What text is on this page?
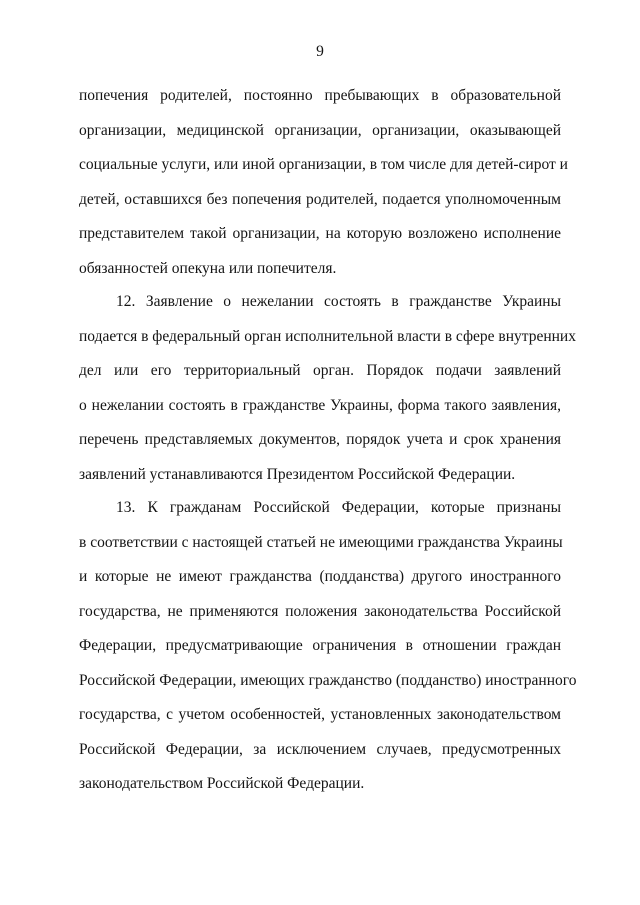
9
попечения родителей, постоянно пребывающих в образовательной
организации, медицинской организации, организации, оказывающей
социальные услуги, или иной организации, в том числе для детей-сирот и
детей, оставшихся без попечения родителей, подается уполномоченным
представителем такой организации, на которую возложено исполнение
обязанностей опекуна или попечителя.
12. Заявление о нежелании состоять в гражданстве Украины
подается в федеральный орган исполнительной власти в сфере внутренних
дел или его территориальный орган. Порядок подачи заявлений
о нежелании состоять в гражданстве Украины, форма такого заявления,
перечень представляемых документов, порядок учета и срок хранения
заявлений устанавливаются Президентом Российской Федерации.
13. К гражданам Российской Федерации, которые признаны
в соответствии с настоящей статьей не имеющими гражданства Украины
и которые не имеют гражданства (подданства) другого иностранного
государства, не применяются положения законодательства Российской
Федерации, предусматривающие ограничения в отношении граждан
Российской Федерации, имеющих гражданство (подданство) иностранного
государства, с учетом особенностей, установленных законодательством
Российской Федерации, за исключением случаев, предусмотренных
законодательством Российской Федерации.
